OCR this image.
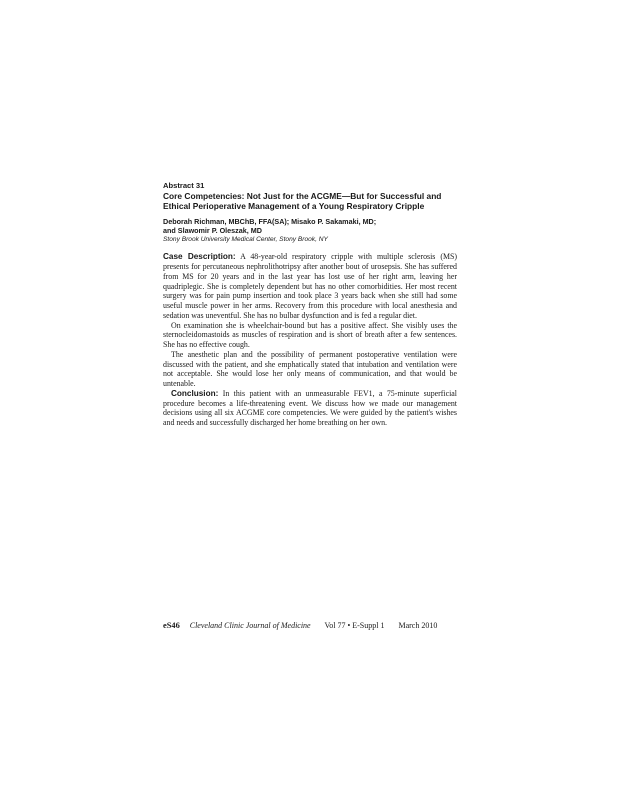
Abstract 31
Core Competencies: Not Just for the ACGME—But for Successful and
Ethical Perioperative Management of a Young Respiratory Cripple
Deborah Richman, MBChB, FFA(SA); Misako P. Sakamaki, MD;
and Slawomir P. Oleszak, MD
Stony Brook University Medical Center, Stony Brook, NY

Case Description: A 48-year-old respiratory cripple with multiple sclerosis (MS) presents for percutaneous nephrolithotripsy after another bout of urosepsis. She has suffered from MS for 20 years and in the last year has lost use of her right arm, leaving her quadriplegic. She is completely dependent but has no other comorbidities. Her most recent surgery was for pain pump insertion and took place 3 years back when she still had some useful muscle power in her arms. Recovery from this procedure with local anesthesia and sedation was uneventful. She has no bulbar dysfunction and is fed a regular diet.

On examination she is wheelchair-bound but has a positive affect. She visibly uses the sternocleidomastoids as muscles of respiration and is short of breath after a few sentences. She has no effective cough.

The anesthetic plan and the possibility of permanent postoperative ventilation were discussed with the patient, and she emphatically stated that intubation and ventilation were not acceptable. She would lose her only means of communication, and that would be untenable.

Conclusion: In this patient with an unmeasurable FEV1, a 75-minute superficial procedure becomes a life-threatening event. We discuss how we made our management decisions using all six ACGME core competencies. We were guided by the patient's wishes and needs and successfully discharged her home breathing on her own.

eS46 Cleveland Clinic Journal of Medicine Vol 77 • E-Suppl 1 March 2010
